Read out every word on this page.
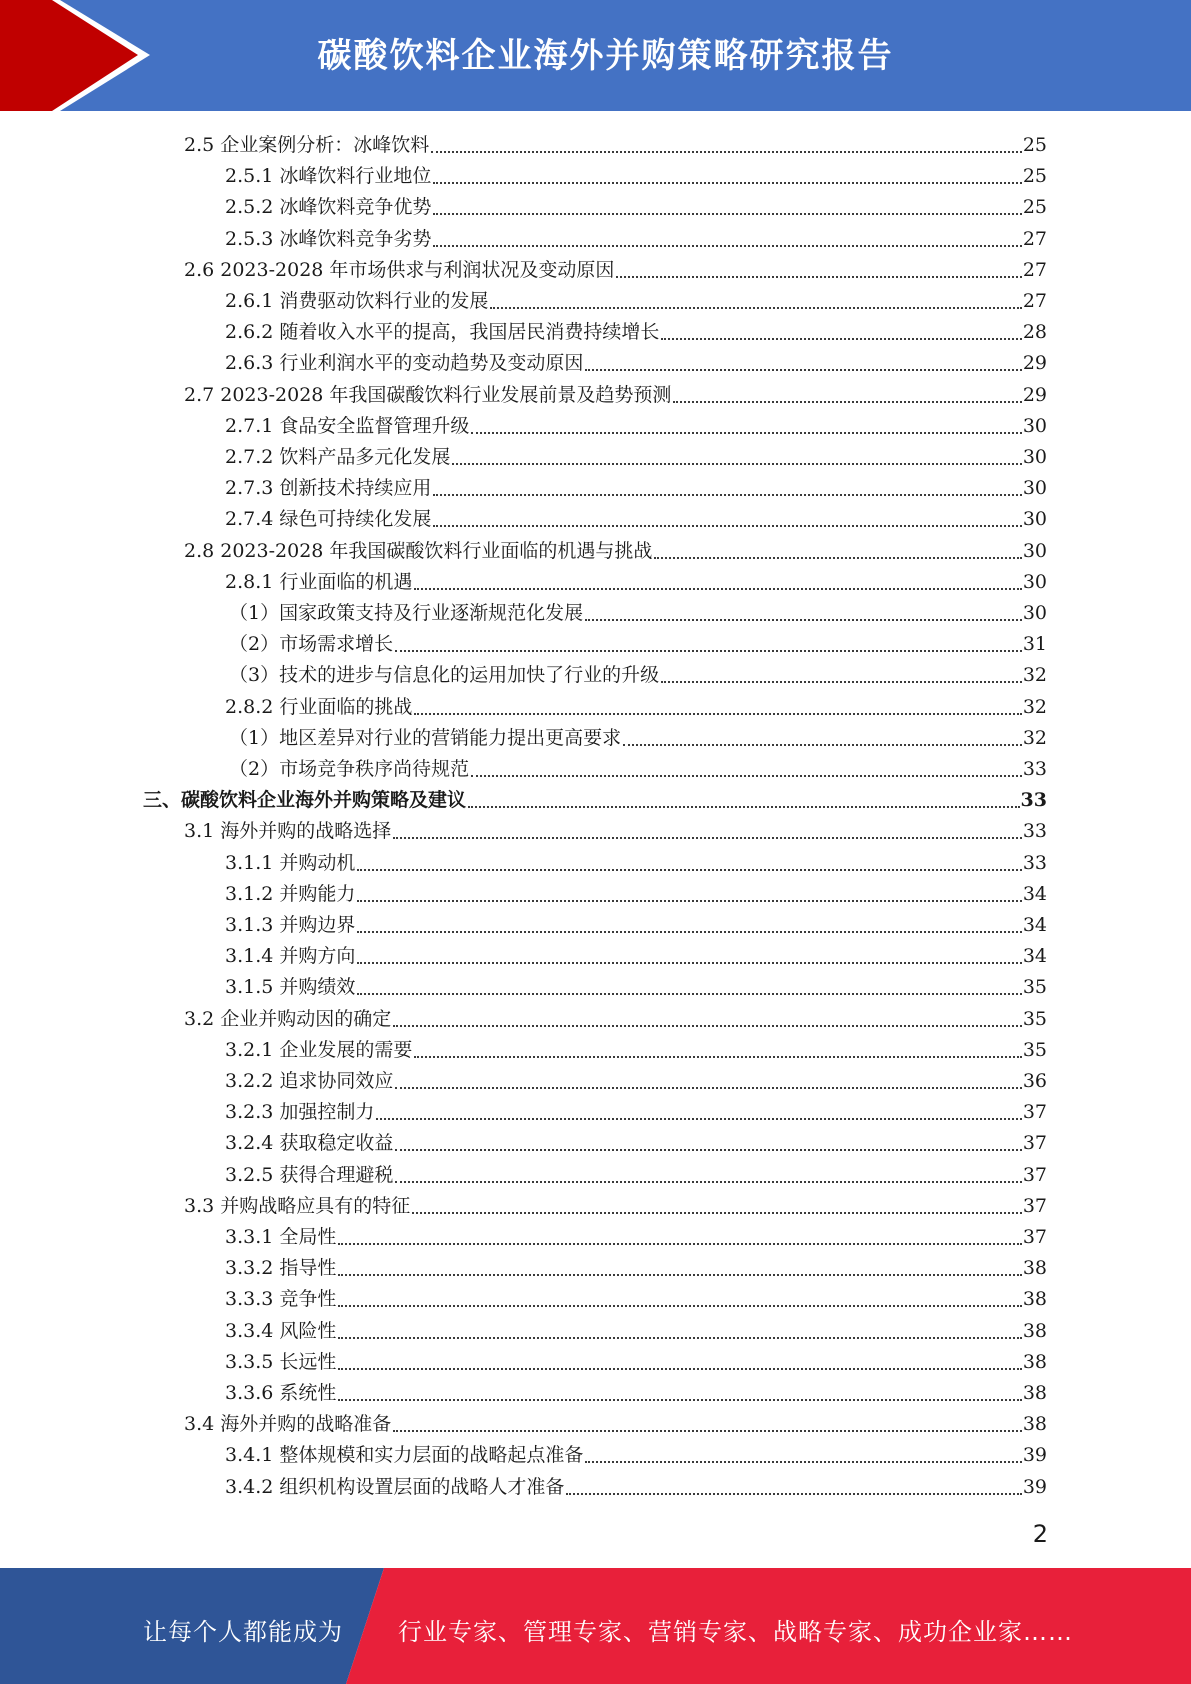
碳酸饮料企业海外并购策略研究报告
2.5 企业案例分析：冰峰饮料	25
2.5.1 冰峰饮料行业地位	25
2.5.2 冰峰饮料竞争优势	25
2.5.3 冰峰饮料竞争劣势	27
2.6 2023-2028 年市场供求与利润状况及变动原因	27
2.6.1 消费驱动饮料行业的发展	27
2.6.2 随着收入水平的提高，我国居民消费持续增长	28
2.6.3 行业利润水平的变动趋势及变动原因	29
2.7 2023-2028 年我国碳酸饮料行业发展前景及趋势预测	29
2.7.1 食品安全监督管理升级	30
2.7.2 饮料产品多元化发展	30
2.7.3 创新技术持续应用	30
2.7.4 绿色可持续化发展	30
2.8 2023-2028 年我国碳酸饮料行业面临的机遇与挑战	30
2.8.1 行业面临的机遇	30
（1）国家政策支持及行业逐渐规范化发展	30
（2）市场需求增长	31
（3）技术的进步与信息化的运用加快了行业的升级	32
2.8.2 行业面临的挑战	32
（1）地区差异对行业的营销能力提出更高要求	32
（2）市场竞争秩序尚待规范	33
三、碳酸饮料企业海外并购策略及建议	33
3.1 海外并购的战略选择	33
3.1.1 并购动机	33
3.1.2 并购能力	34
3.1.3 并购边界	34
3.1.4 并购方向	34
3.1.5 并购绩效	35
3.2 企业并购动因的确定	35
3.2.1 企业发展的需要	35
3.2.2 追求协同效应	36
3.2.3 加强控制力	37
3.2.4 获取稳定收益	37
3.2.5 获得合理避税	37
3.3 并购战略应具有的特征	37
3.3.1 全局性	37
3.3.2 指导性	38
3.3.3 竞争性	38
3.3.4 风险性	38
3.3.5 长远性	38
3.3.6 系统性	38
3.4 海外并购的战略准备	38
3.4.1 整体规模和实力层面的战略起点准备	39
3.4.2 组织机构设置层面的战略人才准备	39
2
让每个人都能成为 行业专家、管理专家、营销专家、战略专家、成功企业家……
